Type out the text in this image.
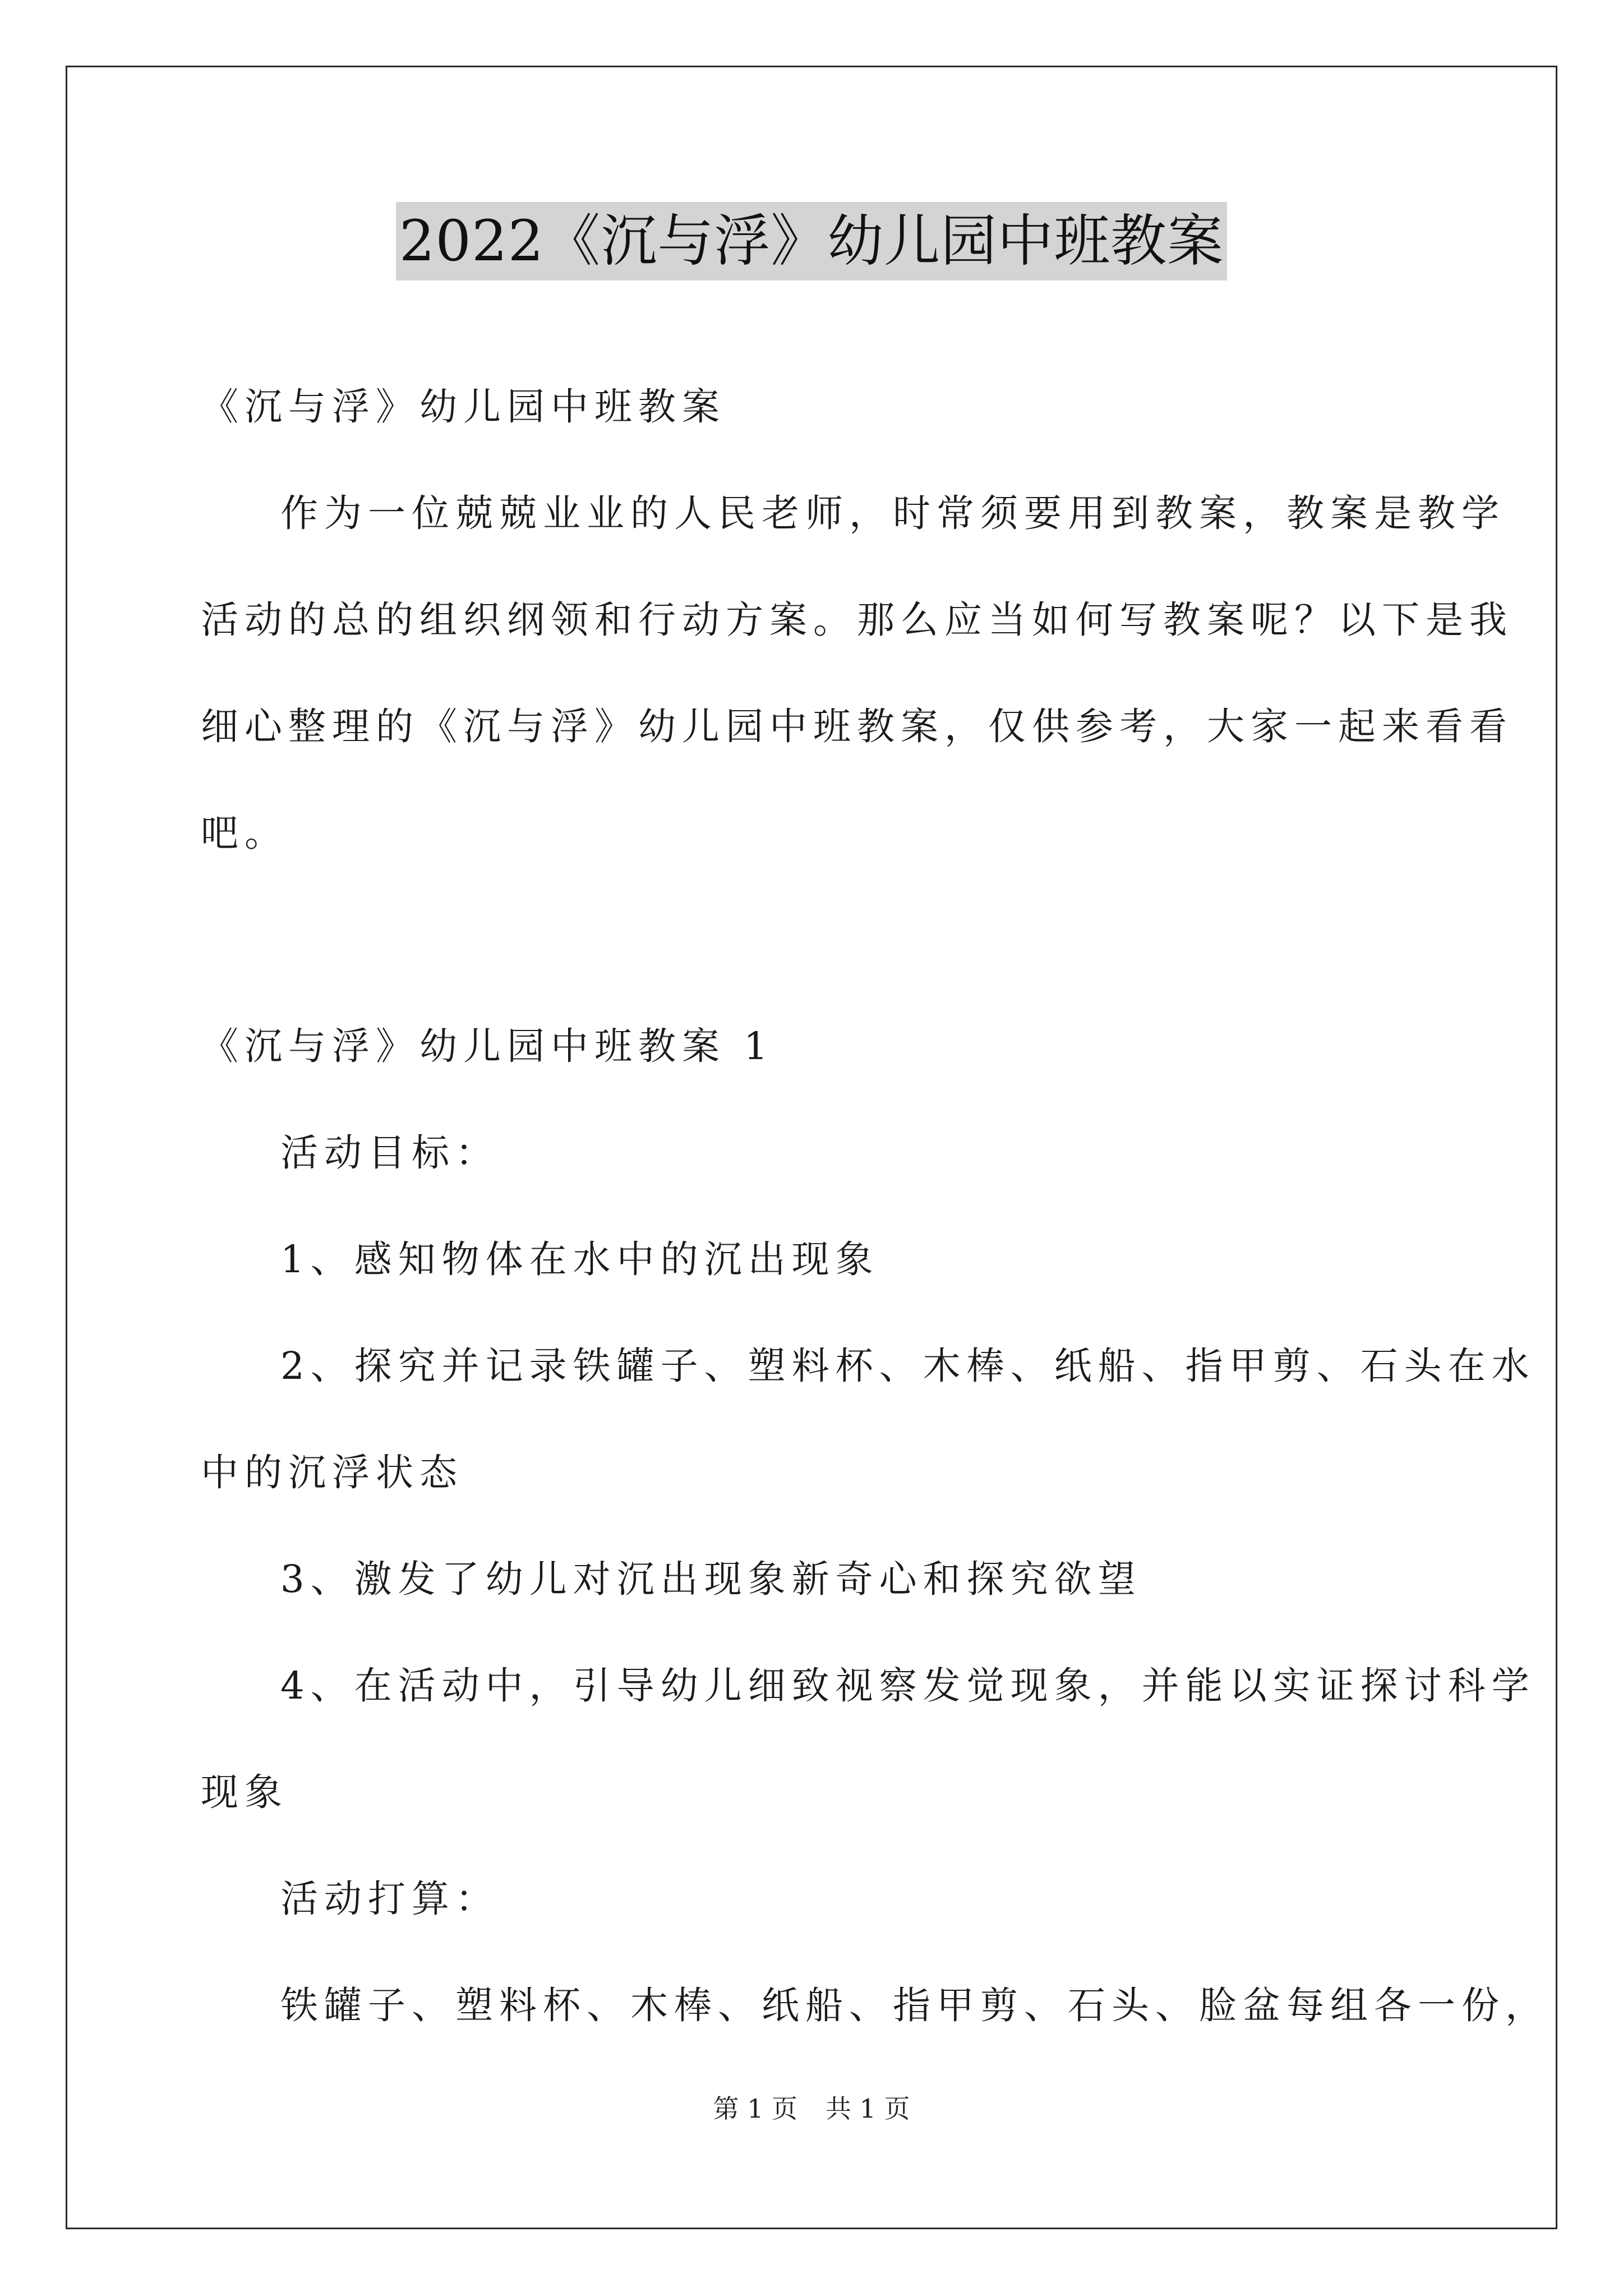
2022《沉与浮》幼儿园中班教案

《沉与浮》幼儿园中班教案

作为一位兢兢业业的人民老师，时常须要用到教案，教案是教学

活动的总的组织纲领和行动方案。那么应当如何写教案呢？以下是我

细心整理的《沉与浮》幼儿园中班教案，仅供参考，大家一起来看看

吧。

《沉与浮》幼儿园中班教案 1

活动目标：

1、感知物体在水中的沉出现象

2、探究并记录铁罐子、塑料杯、木棒、纸船、指甲剪、石头在水

中的沉浮状态

3、激发了幼儿对沉出现象新奇心和探究欲望

4、在活动中，引导幼儿细致视察发觉现象，并能以实证探讨科学

现象

活动打算：

铁罐子、塑料杯、木棒、纸船、指甲剪、石头、脸盆每组各一份，

第 1 页 共 1 页
